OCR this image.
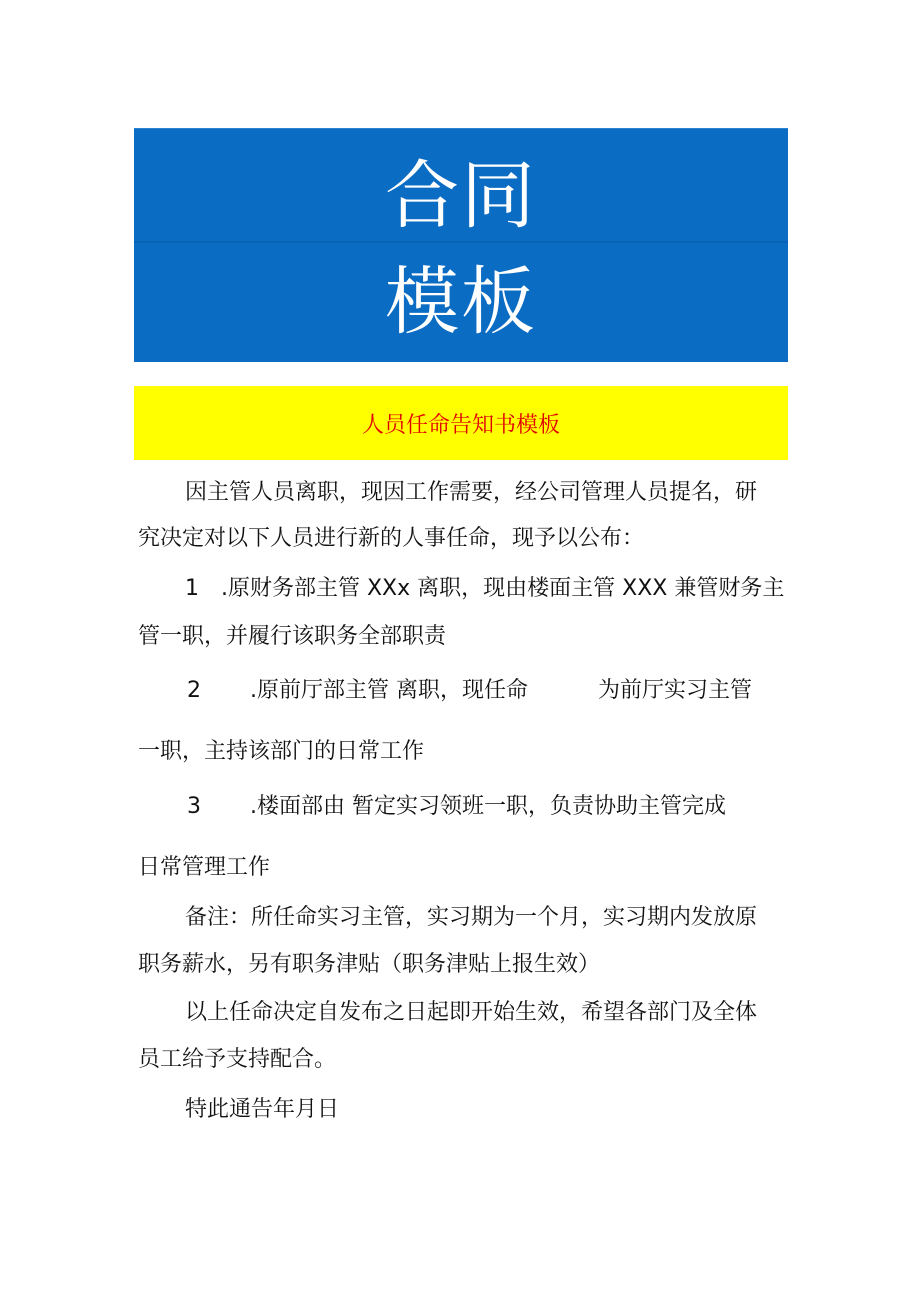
合同
模板
人员任命告知书模板
因主管人员离职，现因工作需要，经公司管理人员提名，研
究决定对以下人员进行新的人事任命，现予以公布：
1　.原财务部主管 XXx 离职，现由楼面主管 XXX 兼管财务主
管一职，并履行该职务全部职责
2 .原前厅部主管 离职，现任命	为前厅实习主管
一职，主持该部门的日常工作
3 .楼面部由 暂定实习领班一职，负责协助主管完成
日常管理工作
备注：所任命实习主管，实习期为一个月，实习期内发放原
职务薪水，另有职务津贴（职务津贴上报生效）
以上任命决定自发布之日起即开始生效，希望各部门及全体
员工给予支持配合。
特此通告年月日
